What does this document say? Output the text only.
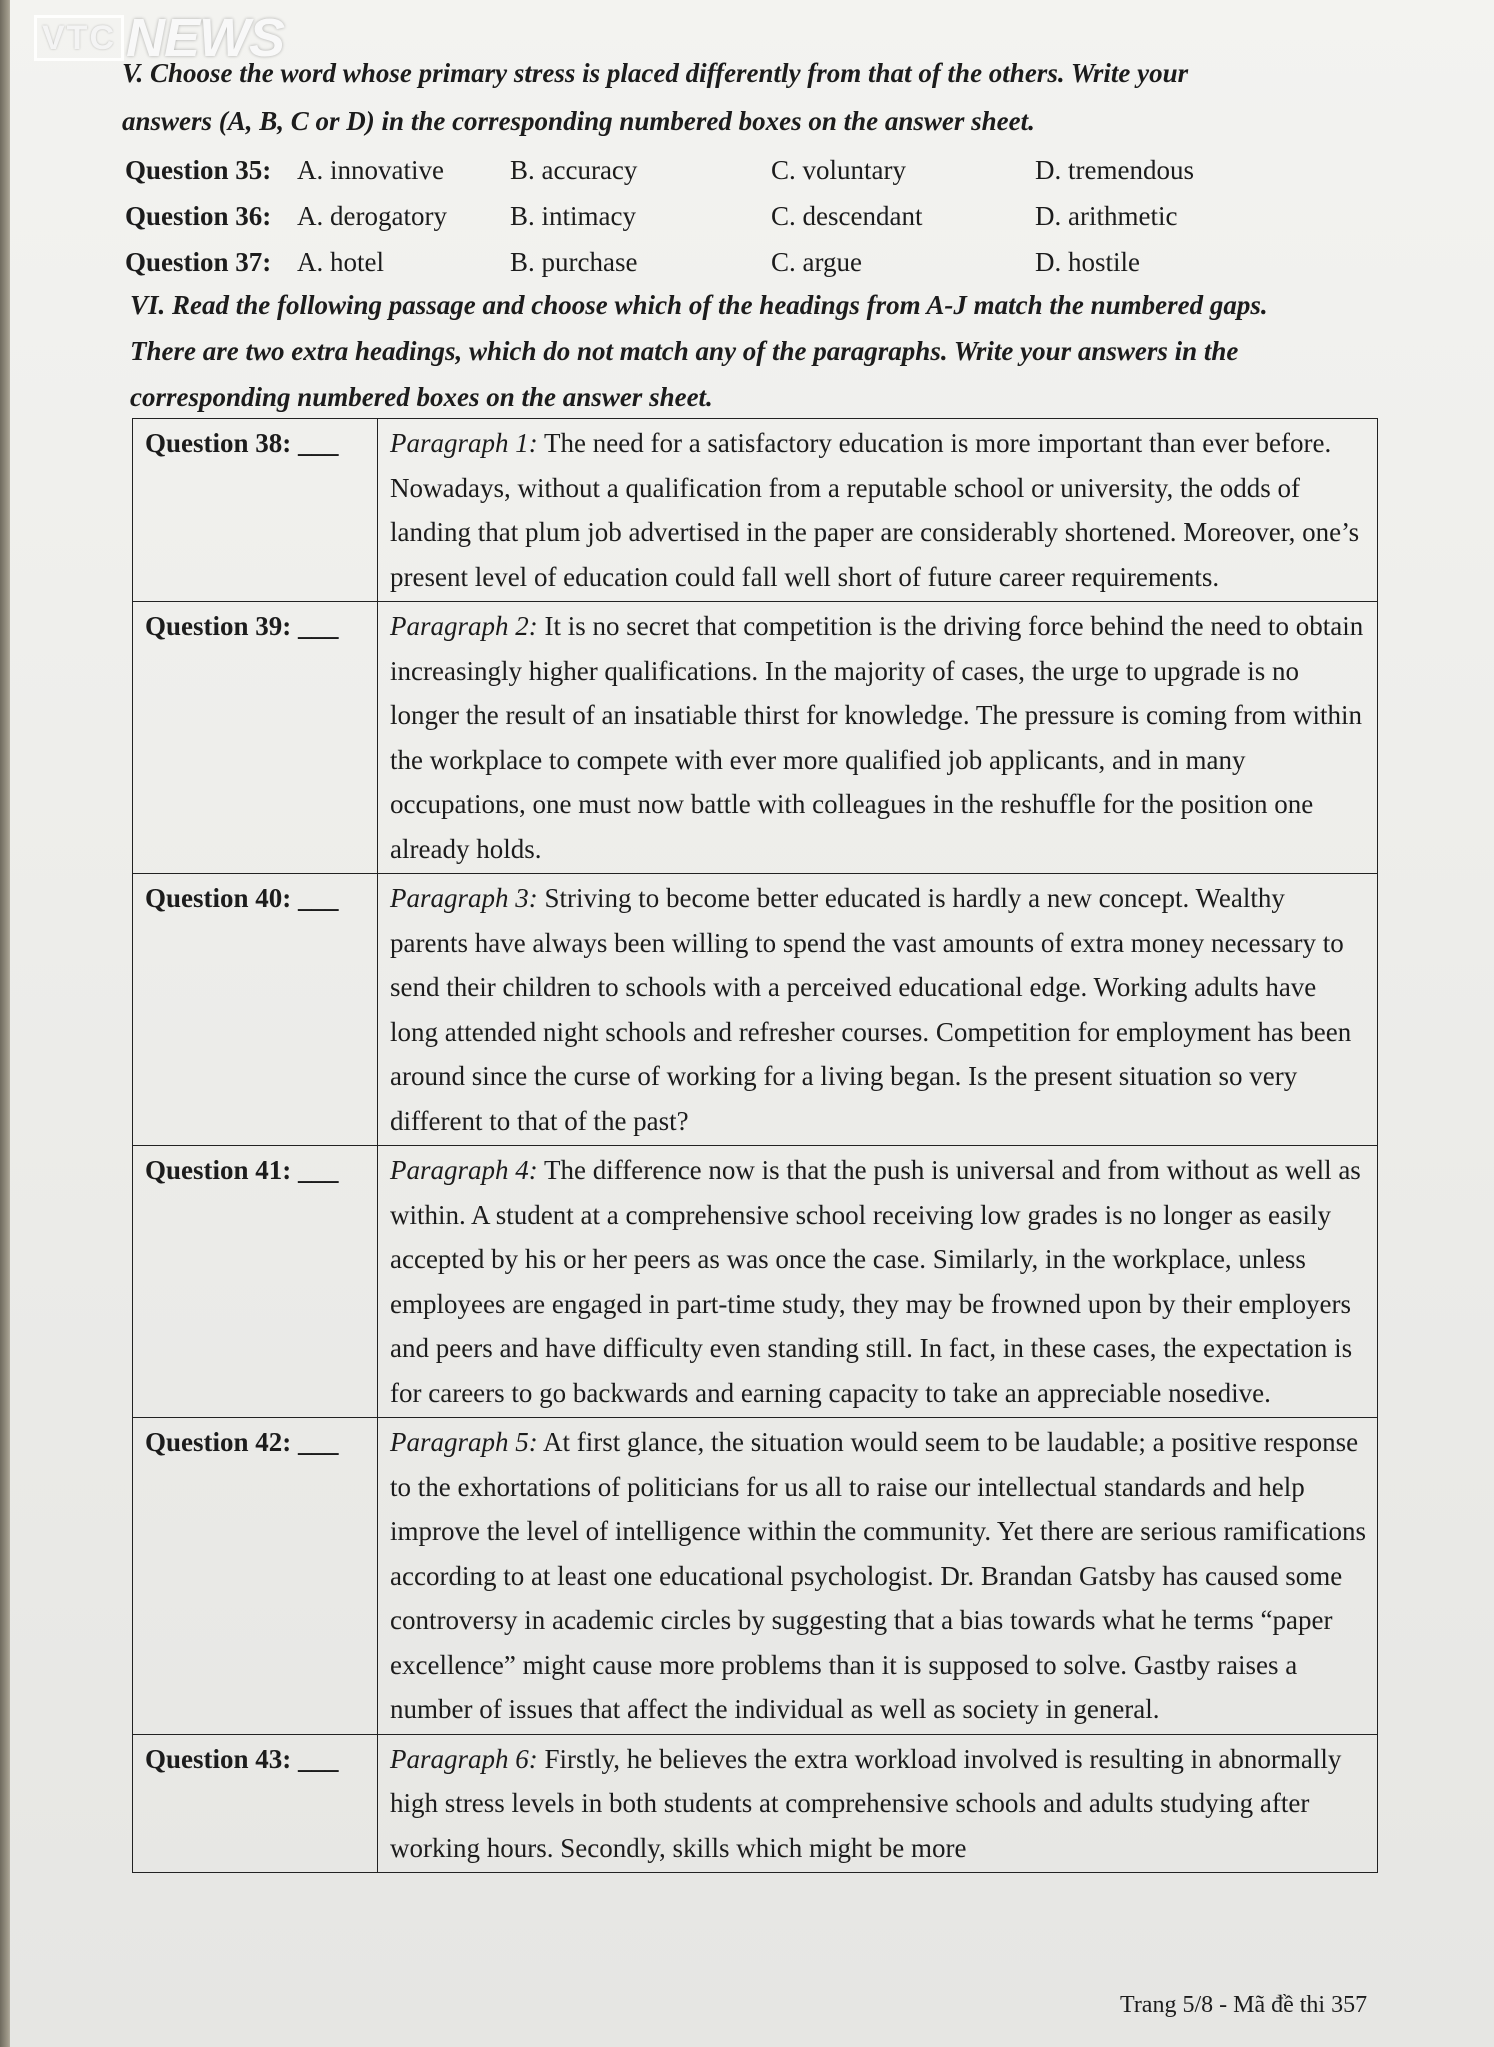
VTC NEWS
V. Choose the word whose primary stress is placed differently from that of the others. Write your
answers (A, B, C or D) in the corresponding numbered boxes on the answer sheet.
Question 35: A. innovative B. accuracy	C. voluntary	D. tremendous
Question 36: A. derogatory B. intimacy	C. descendant	D. arithmetic
Question 37: A. hotel	B. purchase	C. argue	D. hostile
VI. Read the following passage and choose which of the headings from A-J match the numbered gaps.
There are two extra headings, which do not match any of the paragraphs. Write your answers in the
corresponding numbered boxes on the answer sheet.
Question 38: ___	Paragraph 1: The need for a satisfactory education is more important than ever before. Nowadays, without a qualification from a reputable school or university, the odds of landing that plum job advertised in the paper are considerably shortened. Moreover, one’s present level of education could fall well short of future career requirements.
Question 39: ___	Paragraph 2: It is no secret that competition is the driving force behind the need to obtain increasingly higher qualifications. In the majority of cases, the urge to upgrade is no longer the result of an insatiable thirst for knowledge. The pressure is coming from within the workplace to compete with ever more qualified job applicants, and in many occupations, one must now battle with colleagues in the reshuffle for the position one already holds.
Question 40: ___	Paragraph 3: Striving to become better educated is hardly a new concept. Wealthy parents have always been willing to spend the vast amounts of extra money necessary to send their children to schools with a perceived educational edge. Working adults have long attended night schools and refresher courses. Competition for employment has been around since the curse of working for a living began. Is the present situation so very different to that of the past?
Question 41: ___	Paragraph 4: The difference now is that the push is universal and from without as well as within. A student at a comprehensive school receiving low grades is no longer as easily accepted by his or her peers as was once the case. Similarly, in the workplace, unless employees are engaged in part-time study, they may be frowned upon by their employers and peers and have difficulty even standing still. In fact, in these cases, the expectation is for careers to go backwards and earning capacity to take an appreciable nosedive.
Question 42: ___	Paragraph 5: At first glance, the situation would seem to be laudable; a positive response to the exhortations of politicians for us all to raise our intellectual standards and help improve the level of intelligence within the community. Yet there are serious ramifications according to at least one educational psychologist. Dr. Brandan Gatsby has caused some controversy in academic circles by suggesting that a bias towards what he terms “paper excellence” might cause more problems than it is supposed to solve. Gastby raises a number of issues that affect the individual as well as society in general.
Question 43: ___	Paragraph 6: Firstly, he believes the extra workload involved is resulting in abnormally high stress levels in both students at comprehensive schools and adults studying after working hours. Secondly, skills which might be more
Trang 5/8 - Mã đề thi 357
